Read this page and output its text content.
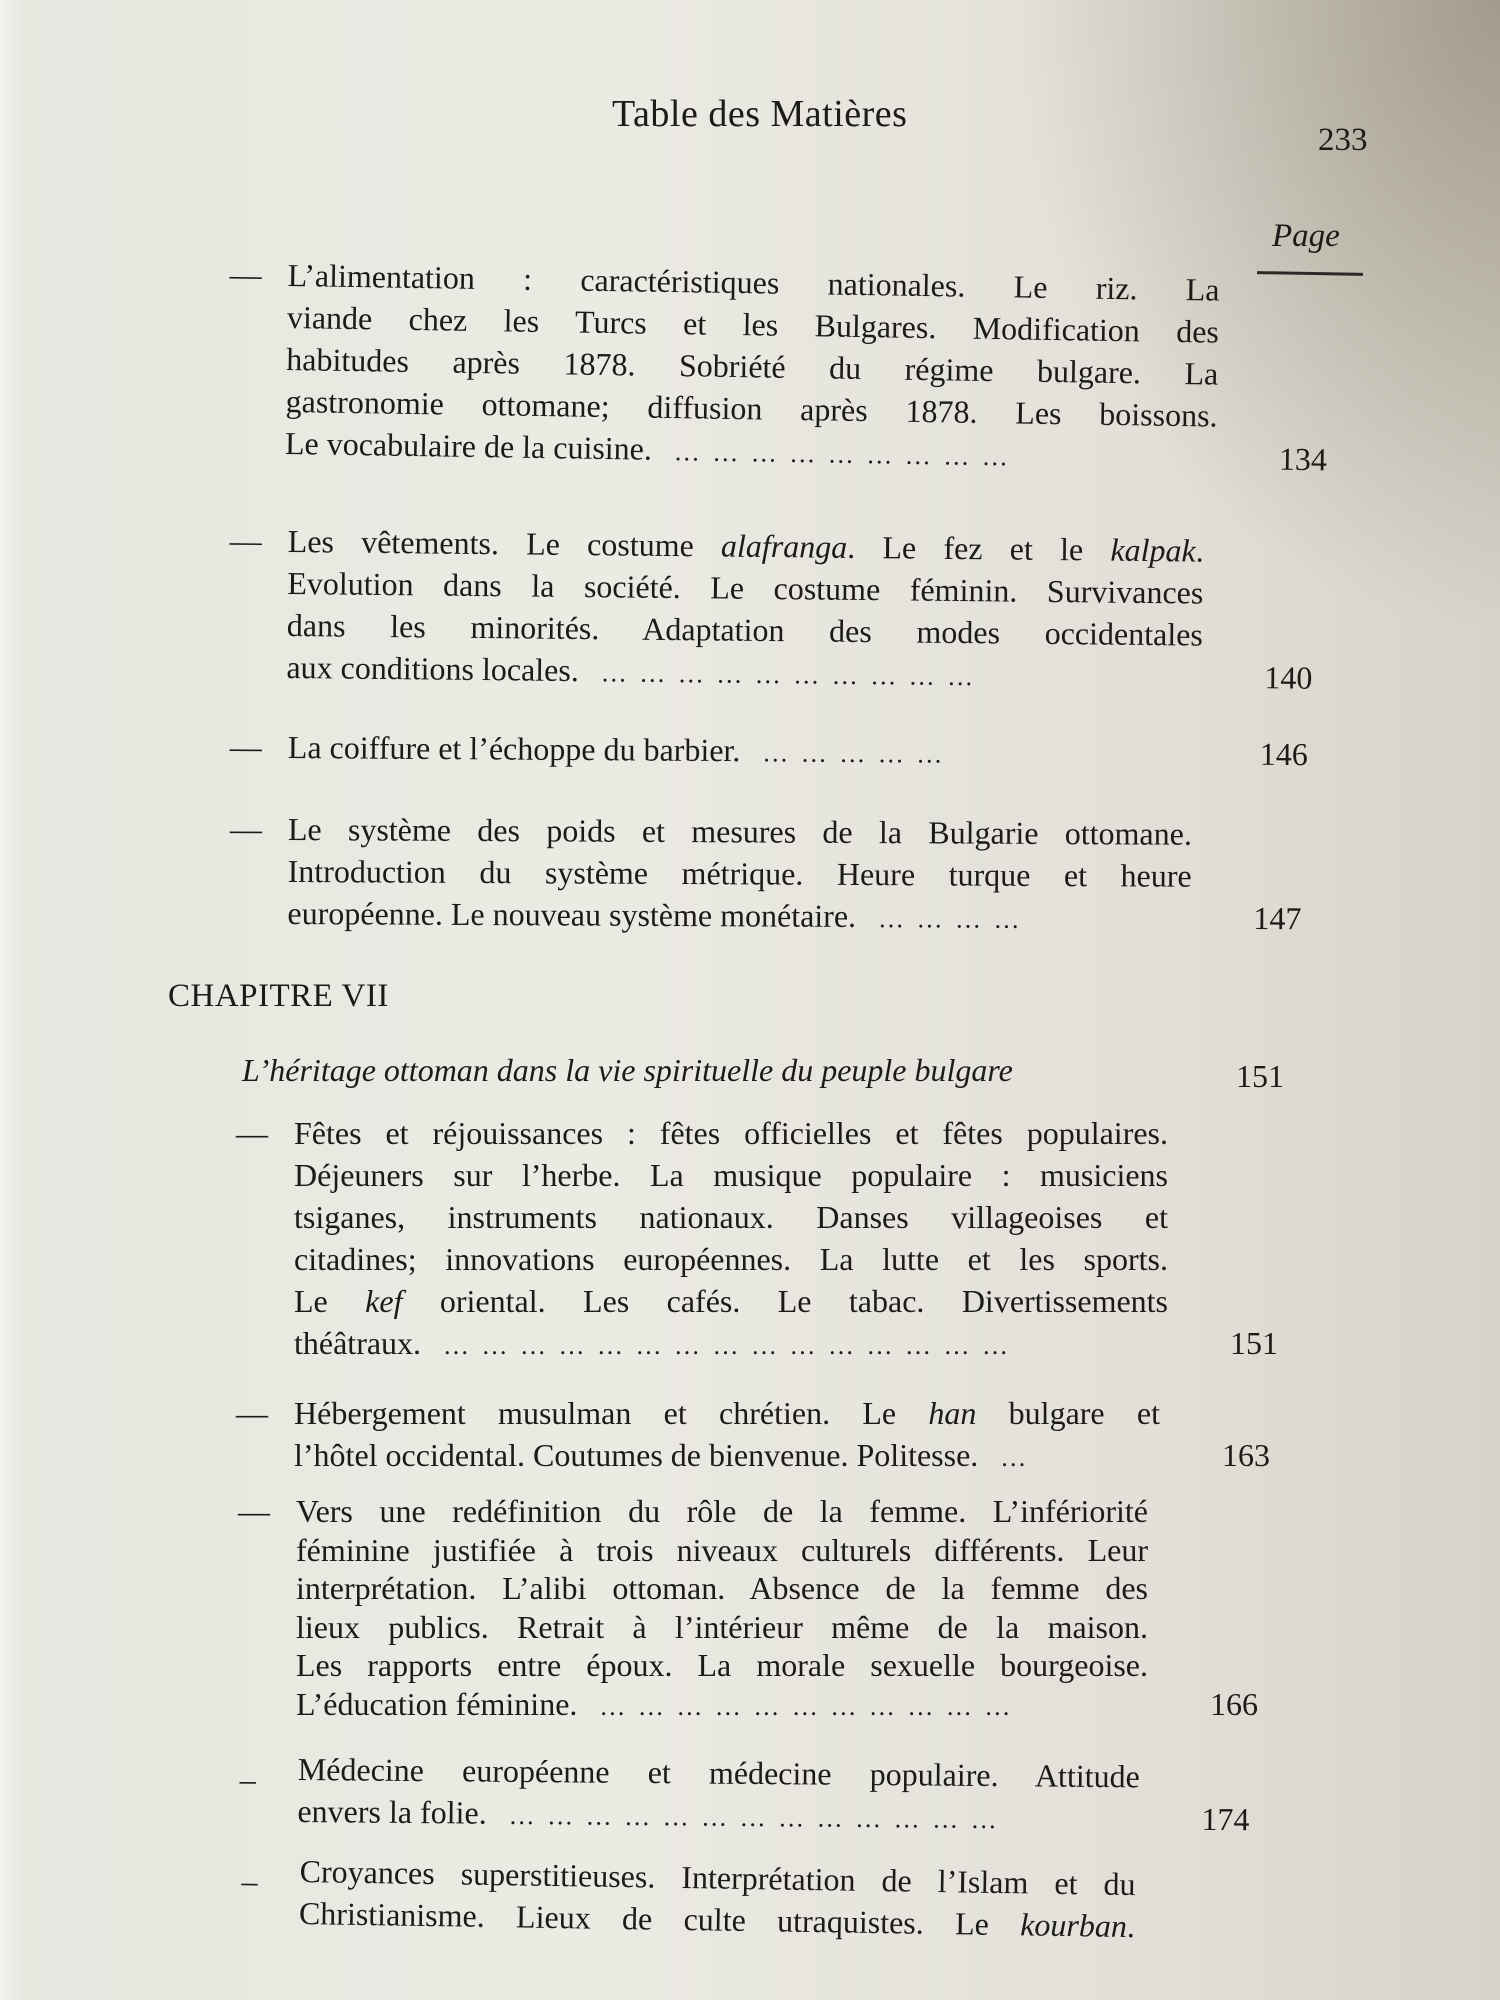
Table des Matières
233
Page
— L’alimentation : caractéristiques nationales. Le riz. La
viande chez les Turcs et les Bulgares. Modification des
habitudes après 1878. Sobriété du régime bulgare. La
gastronomie ottomane; diffusion après 1878. Les boissons.
Le vocabulaire de la cuisine. … … … … … … … … …	134
— Les vêtements. Le costume alafranga. Le fez et le kalpak.
Evolution dans la société. Le costume féminin. Survivances
dans les minorités. Adaptation des modes occidentales
aux conditions locales. … … … … … … … … … …	140
— La coiffure et l’échoppe du barbier. … … … … …	146
— Le système des poids et mesures de la Bulgarie ottomane.
Introduction du système métrique. Heure turque et heure
européenne. Le nouveau système monétaire. … … … …	147
CHAPITRE VII
L’héritage ottoman dans la vie spirituelle du peuple bulgare	151
— Fêtes et réjouissances : fêtes officielles et fêtes populaires.
Déjeuners sur l’herbe. La musique populaire : musiciens
tsiganes, instruments nationaux. Danses villageoises et
citadines; innovations européennes. La lutte et les sports.
Le kef oriental. Les cafés. Le tabac. Divertissements
théâtraux. … … … … … … … … … … … … … … …	151
— Hébergement musulman et chrétien. Le han bulgare et
l’hôtel occidental. Coutumes de bienvenue. Politesse. …	163
— Vers une redéfinition du rôle de la femme. L’infériorité
féminine justifiée à trois niveaux culturels différents. Leur
interprétation. L’alibi ottoman. Absence de la femme des
lieux publics. Retrait à l’intérieur même de la maison.
Les rapports entre époux. La morale sexuelle bourgeoise.
L’éducation féminine. … … … … … … … … … … …	166
_ Médecine européenne et médecine populaire. Attitude
envers la folie. … … … … … … … … … … … … …	174
_ Croyances superstitieuses. Interprétation de l’Islam et du
Christianisme. Lieux de culte utraquistes. Le kourban.
